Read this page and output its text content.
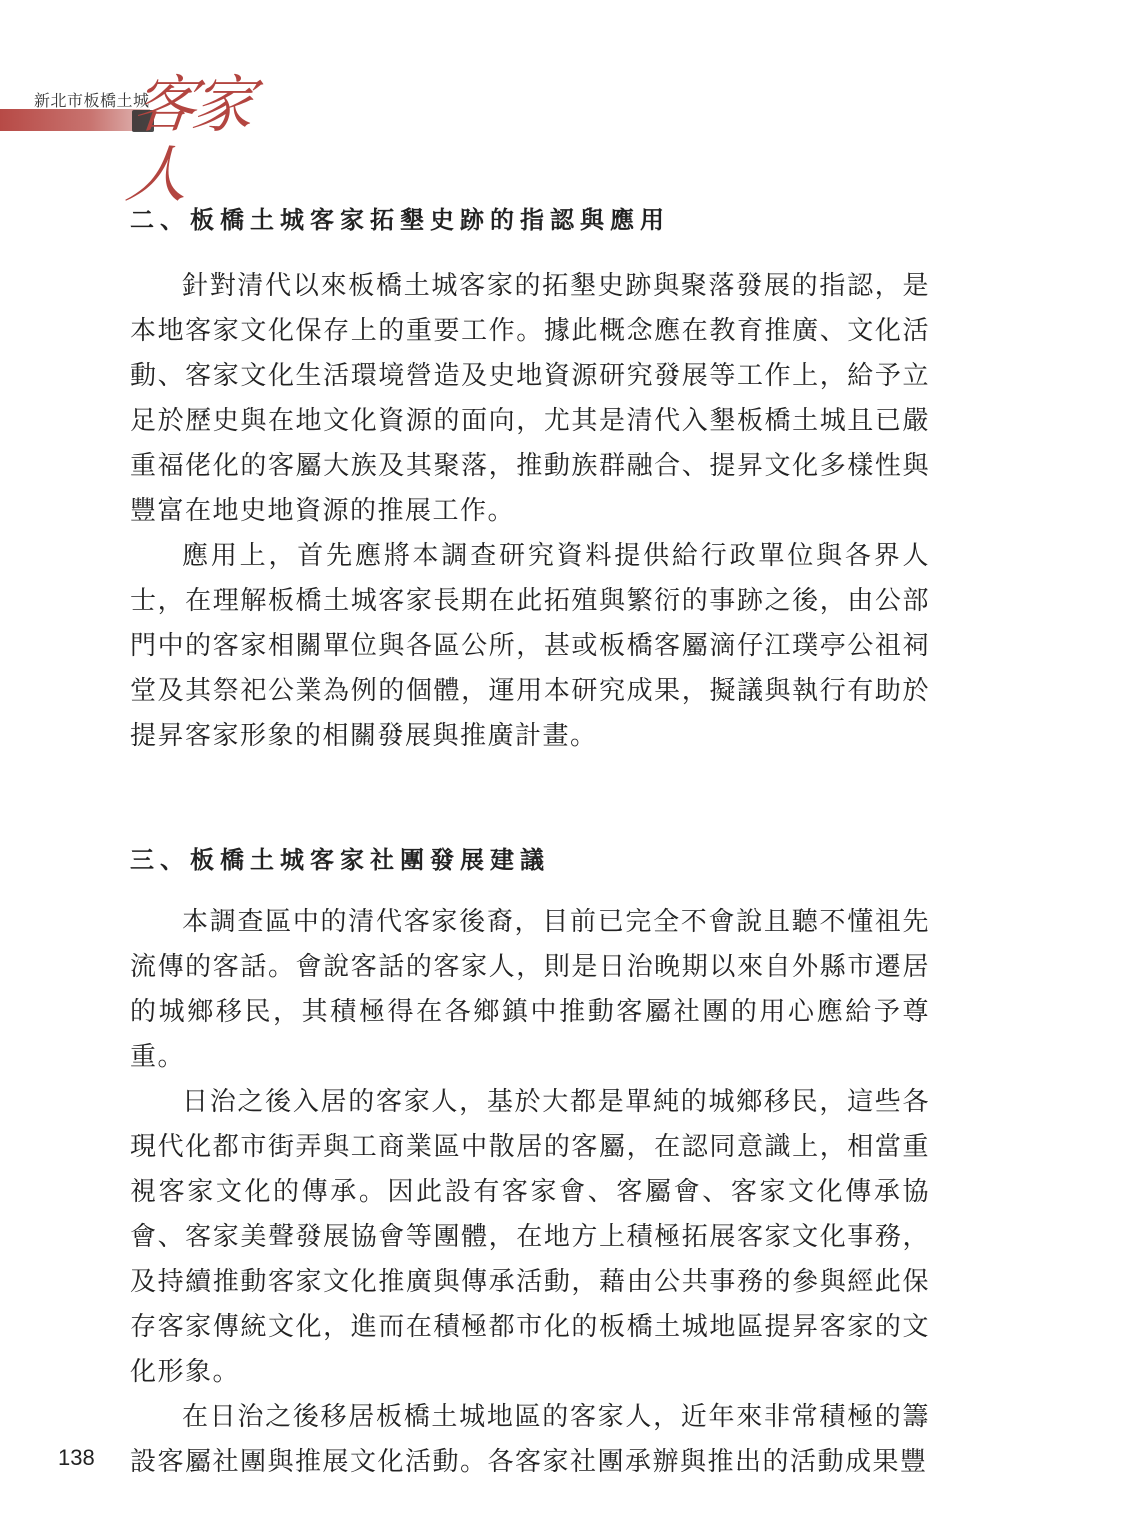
新北市板橋土城
客家人
二、板橋土城客家拓墾史跡的指認與應用

針對清代以來板橋土城客家的拓墾史跡與聚落發展的指認，是本地客家文化保存上的重要工作。據此概念應在教育推廣、文化活動、客家文化生活環境營造及史地資源研究發展等工作上，給予立足於歷史與在地文化資源的面向，尤其是清代入墾板橋土城且已嚴重福佬化的客屬大族及其聚落，推動族群融合、提昇文化多樣性與豐富在地史地資源的推展工作。

應用上，首先應將本調查研究資料提供給行政單位與各界人士，在理解板橋土城客家長期在此拓殖與繁衍的事跡之後，由公部門中的客家相關單位與各區公所，甚或板橋客屬滴仔江璞亭公祖祠堂及其祭祀公業為例的個體，運用本研究成果，擬議與執行有助於提昇客家形象的相關發展與推廣計畫。

三、板橋土城客家社團發展建議

本調查區中的清代客家後裔，目前已完全不會說且聽不懂祖先流傳的客話。會說客話的客家人，則是日治晚期以來自外縣市遷居的城鄉移民，其積極得在各鄉鎮中推動客屬社團的用心應給予尊重。

日治之後入居的客家人，基於大都是單純的城鄉移民，這些各現代化都市街弄與工商業區中散居的客屬，在認同意識上，相當重視客家文化的傳承。因此設有客家會、客屬會、客家文化傳承協會、客家美聲發展協會等團體，在地方上積極拓展客家文化事務，及持續推動客家文化推廣與傳承活動，藉由公共事務的參與經此保存客家傳統文化，進而在積極都市化的板橋土城地區提昇客家的文化形象。

在日治之後移居板橋土城地區的客家人，近年來非常積極的籌設客屬社團與推展文化活動。各客家社團承辦與推出的活動成果豐

138
